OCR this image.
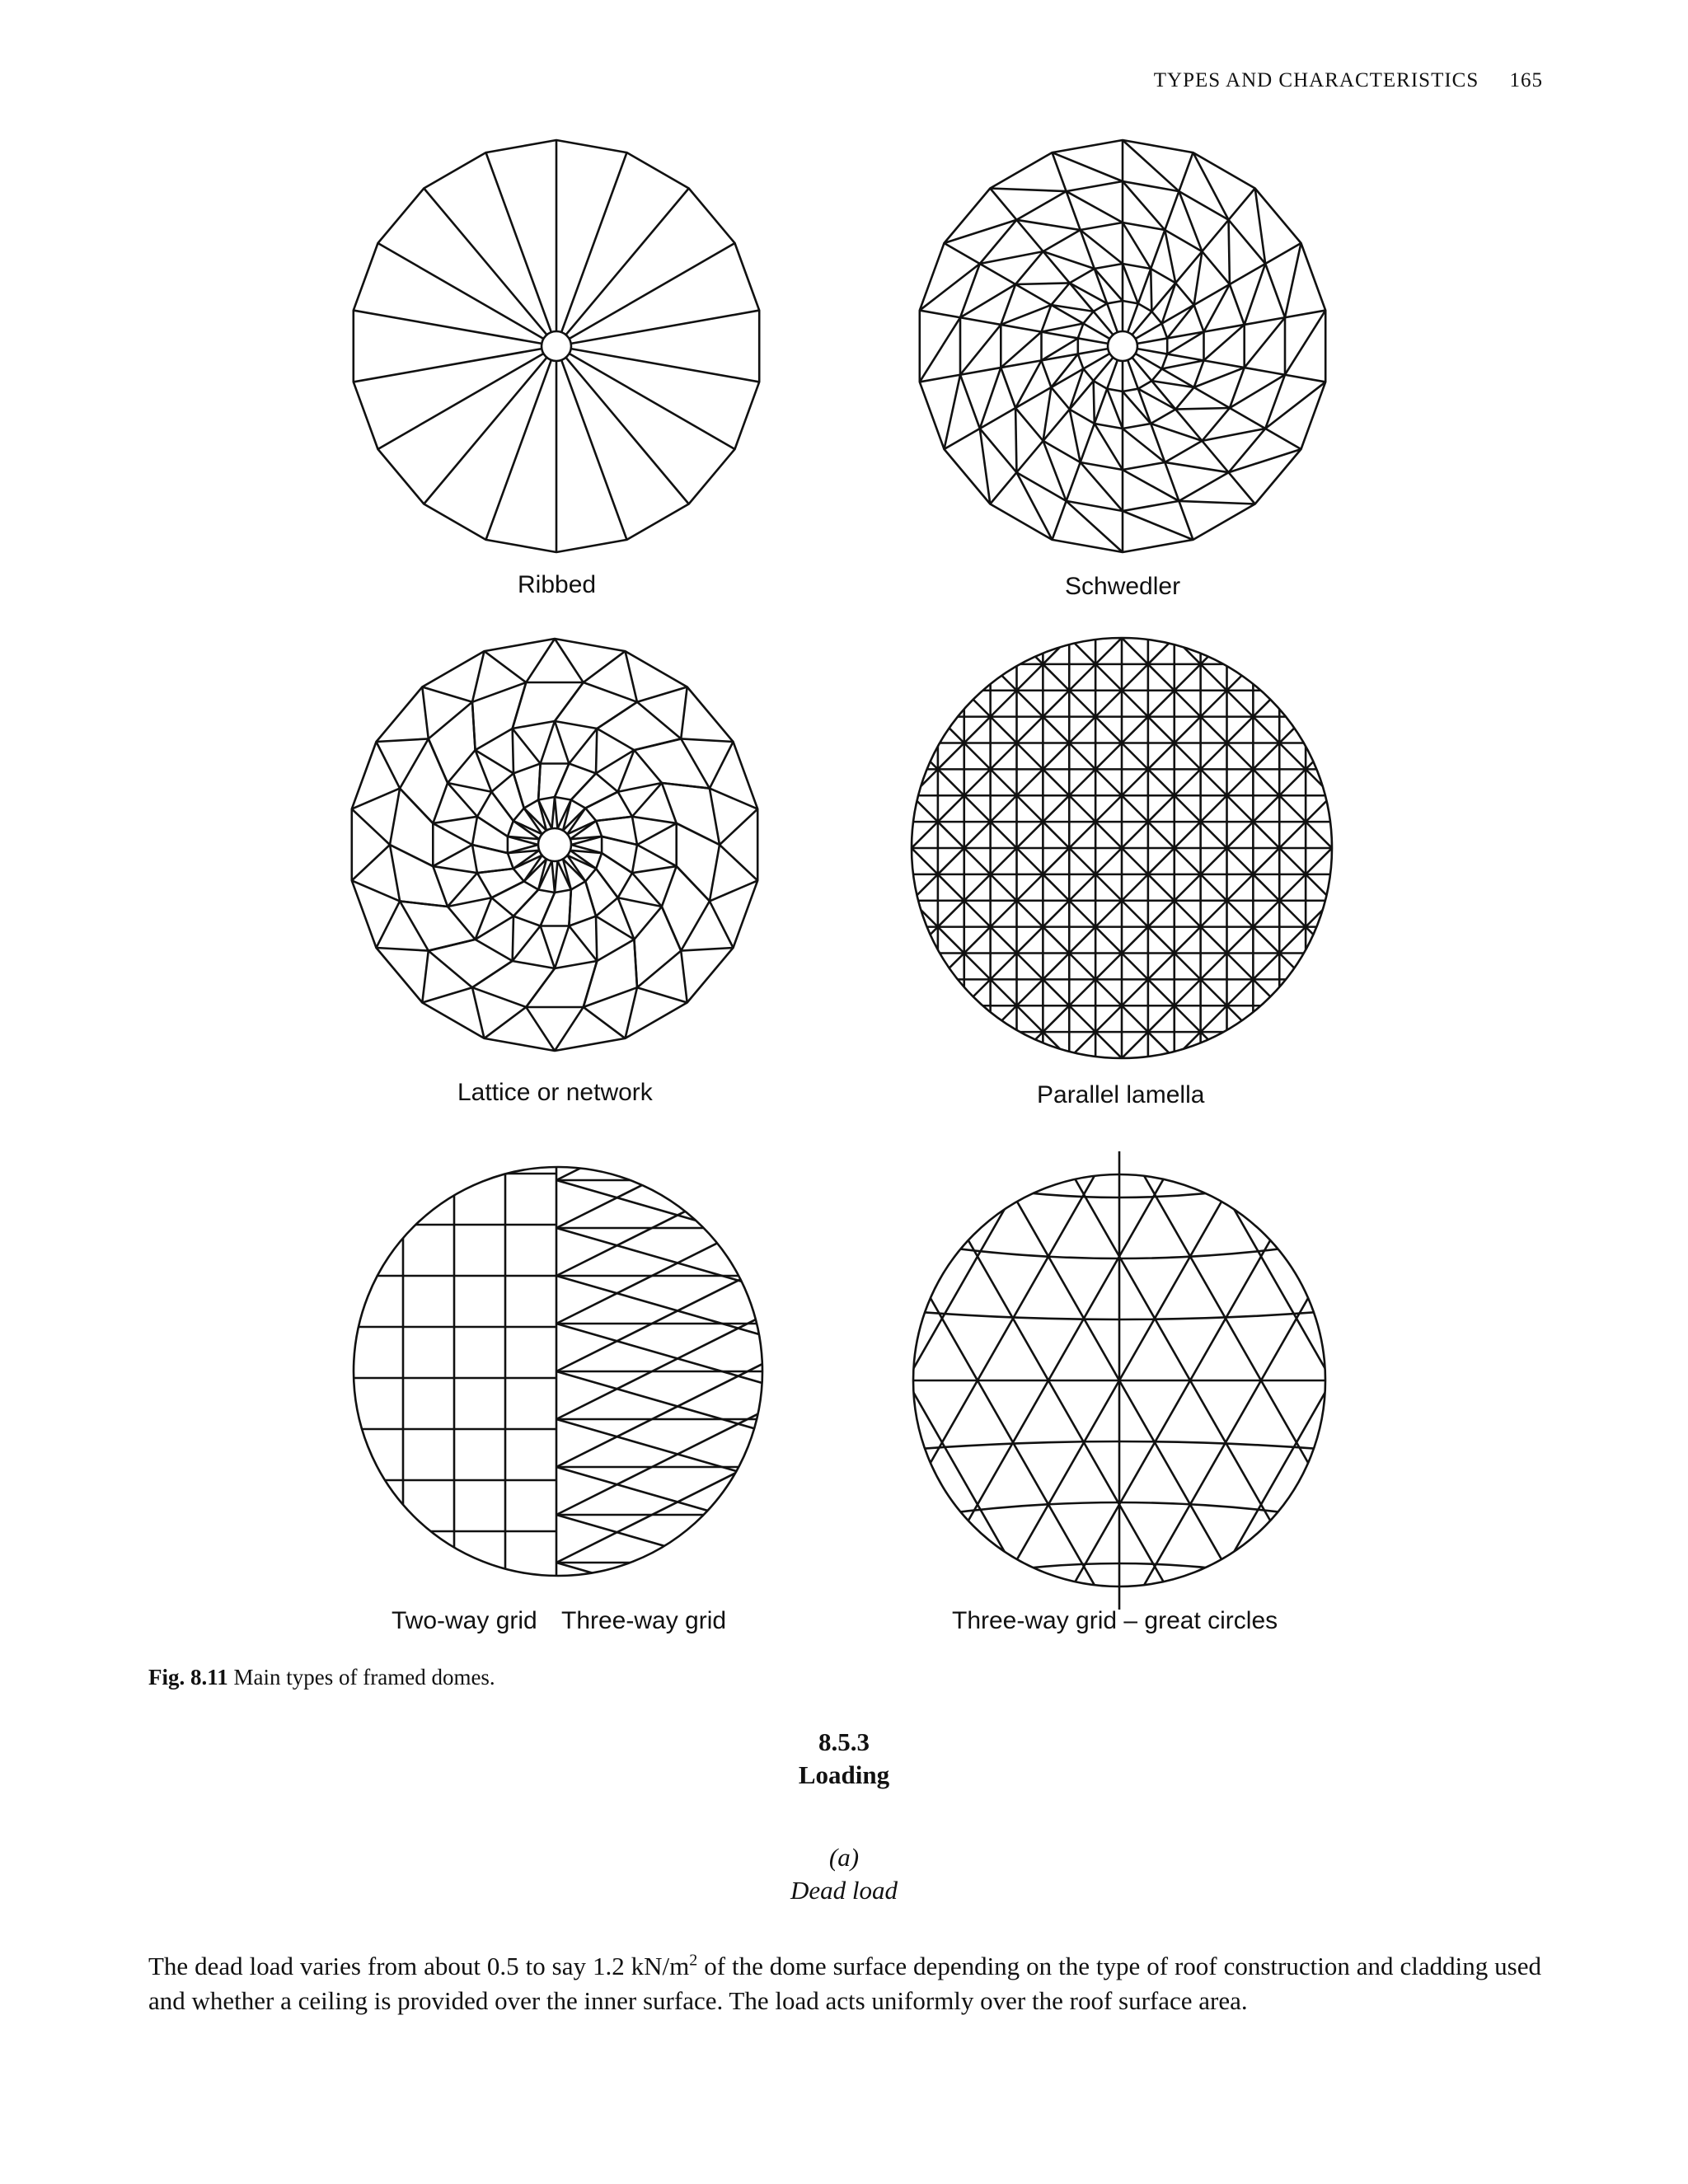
TYPES AND CHARACTERISTICS 165
Ribbed	Schwedler
Lattice or network	Parallel lamella
Two-way grid Three-way grid	Three-way grid – great circles
Fig. 8.11 Main types of framed domes.
8.5.3
Loading
(a)
Dead load

The dead load varies from about 0.5 to say 1.2 $kN/m^2$ of the dome surface depending on the type of roof construction and cladding used and whether a ceiling is provided over the inner surface. The load acts uniformly over the roof surface area.
